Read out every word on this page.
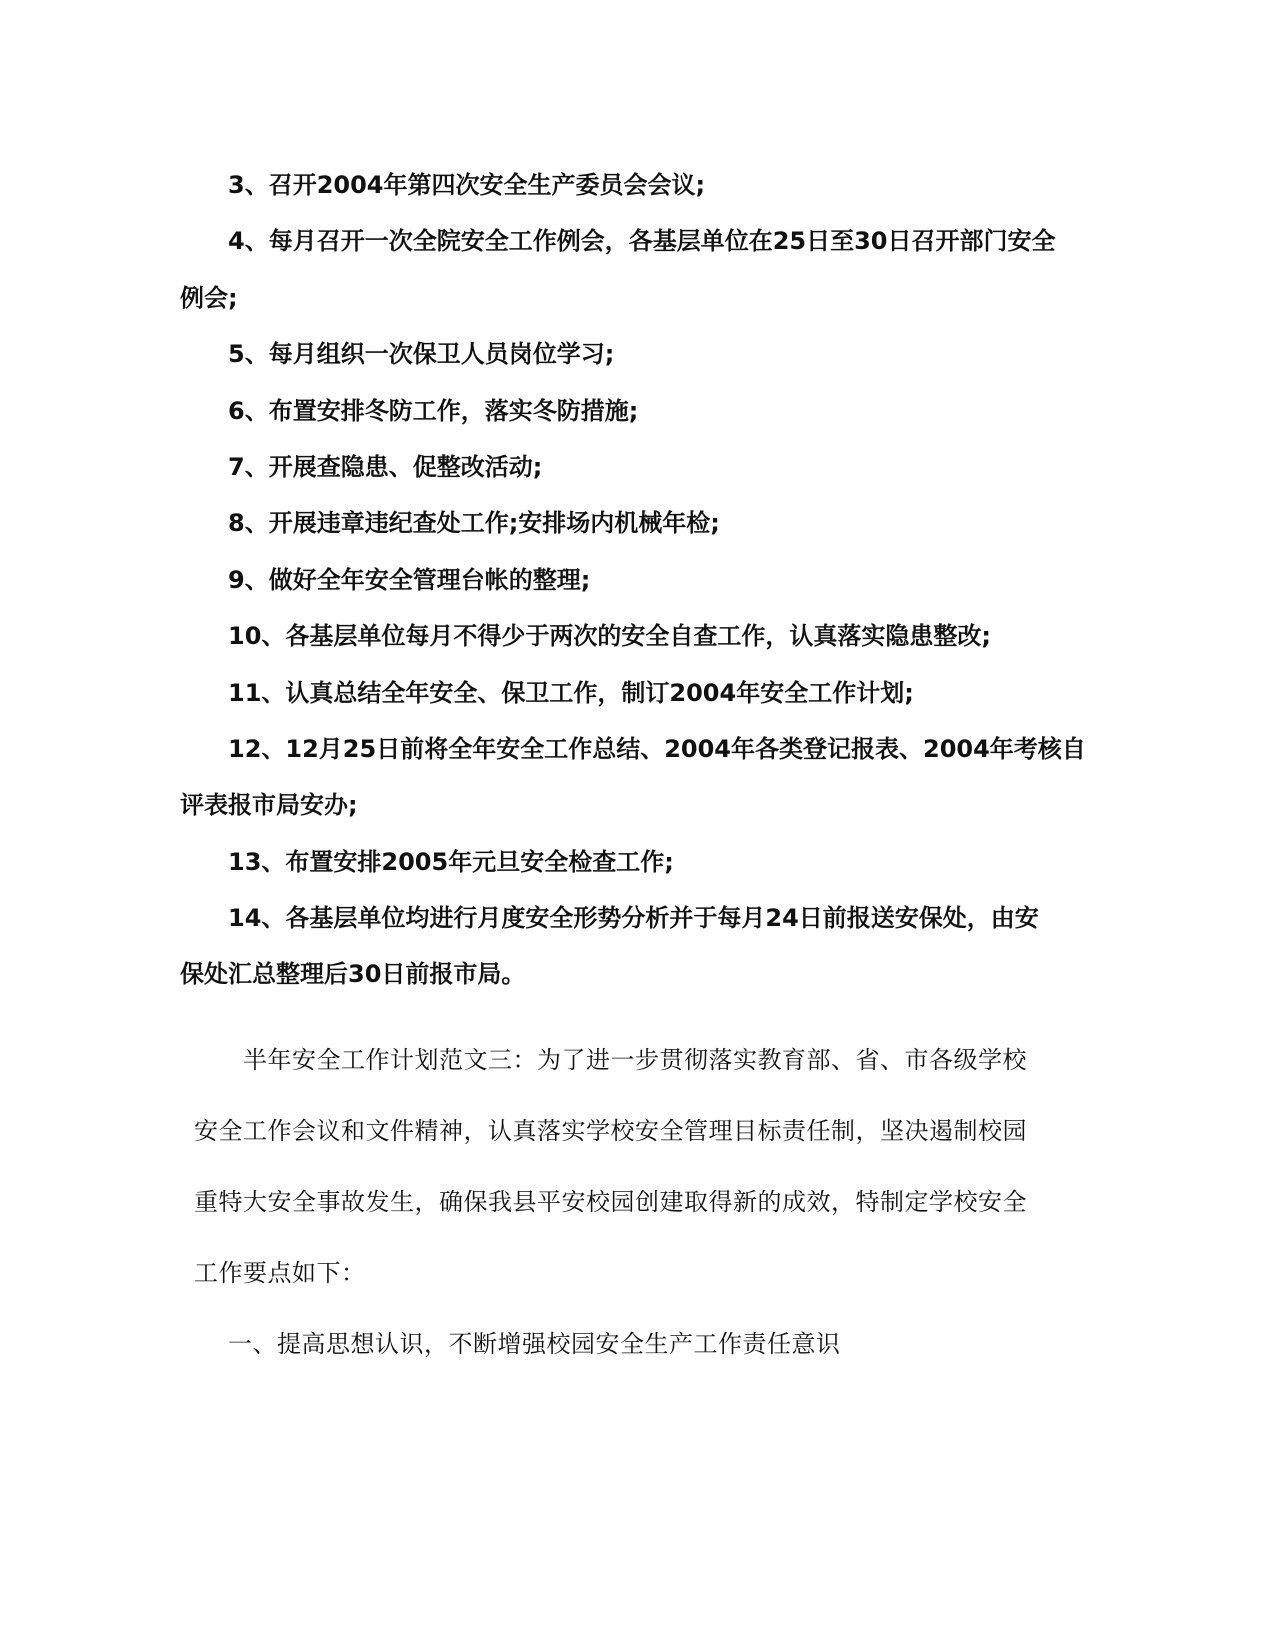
3、召开2004年第四次安全生产委员会会议;
4、每月召开一次全院安全工作例会，各基层单位在25日至30日召开部门安全
例会;
5、每月组织一次保卫人员岗位学习;
6、布置安排冬防工作，落实冬防措施;
7、开展查隐患、促整改活动;
8、开展违章违纪查处工作;安排场内机械年检;
9、做好全年安全管理台帐的整理;
10、各基层单位每月不得少于两次的安全自查工作，认真落实隐患整改;
11、认真总结全年安全、保卫工作，制订2004年安全工作计划;
12、12月25日前将全年安全工作总结、2004年各类登记报表、2004年考核自
评表报市局安办;
13、布置安排2005年元旦安全检查工作;
14、各基层单位均进行月度安全形势分析并于每月24日前报送安保处，由安
保处汇总整理后30日前报市局。
半年安全工作计划范文三：为了进一步贯彻落实教育部、省、市各级学校
安全工作会议和文件精神，认真落实学校安全管理目标责任制，坚决遏制校园
重特大安全事故发生，确保我县平安校园创建取得新的成效，特制定学校安全
工作要点如下：
一、提高思想认识，不断增强校园安全生产工作责任意识
